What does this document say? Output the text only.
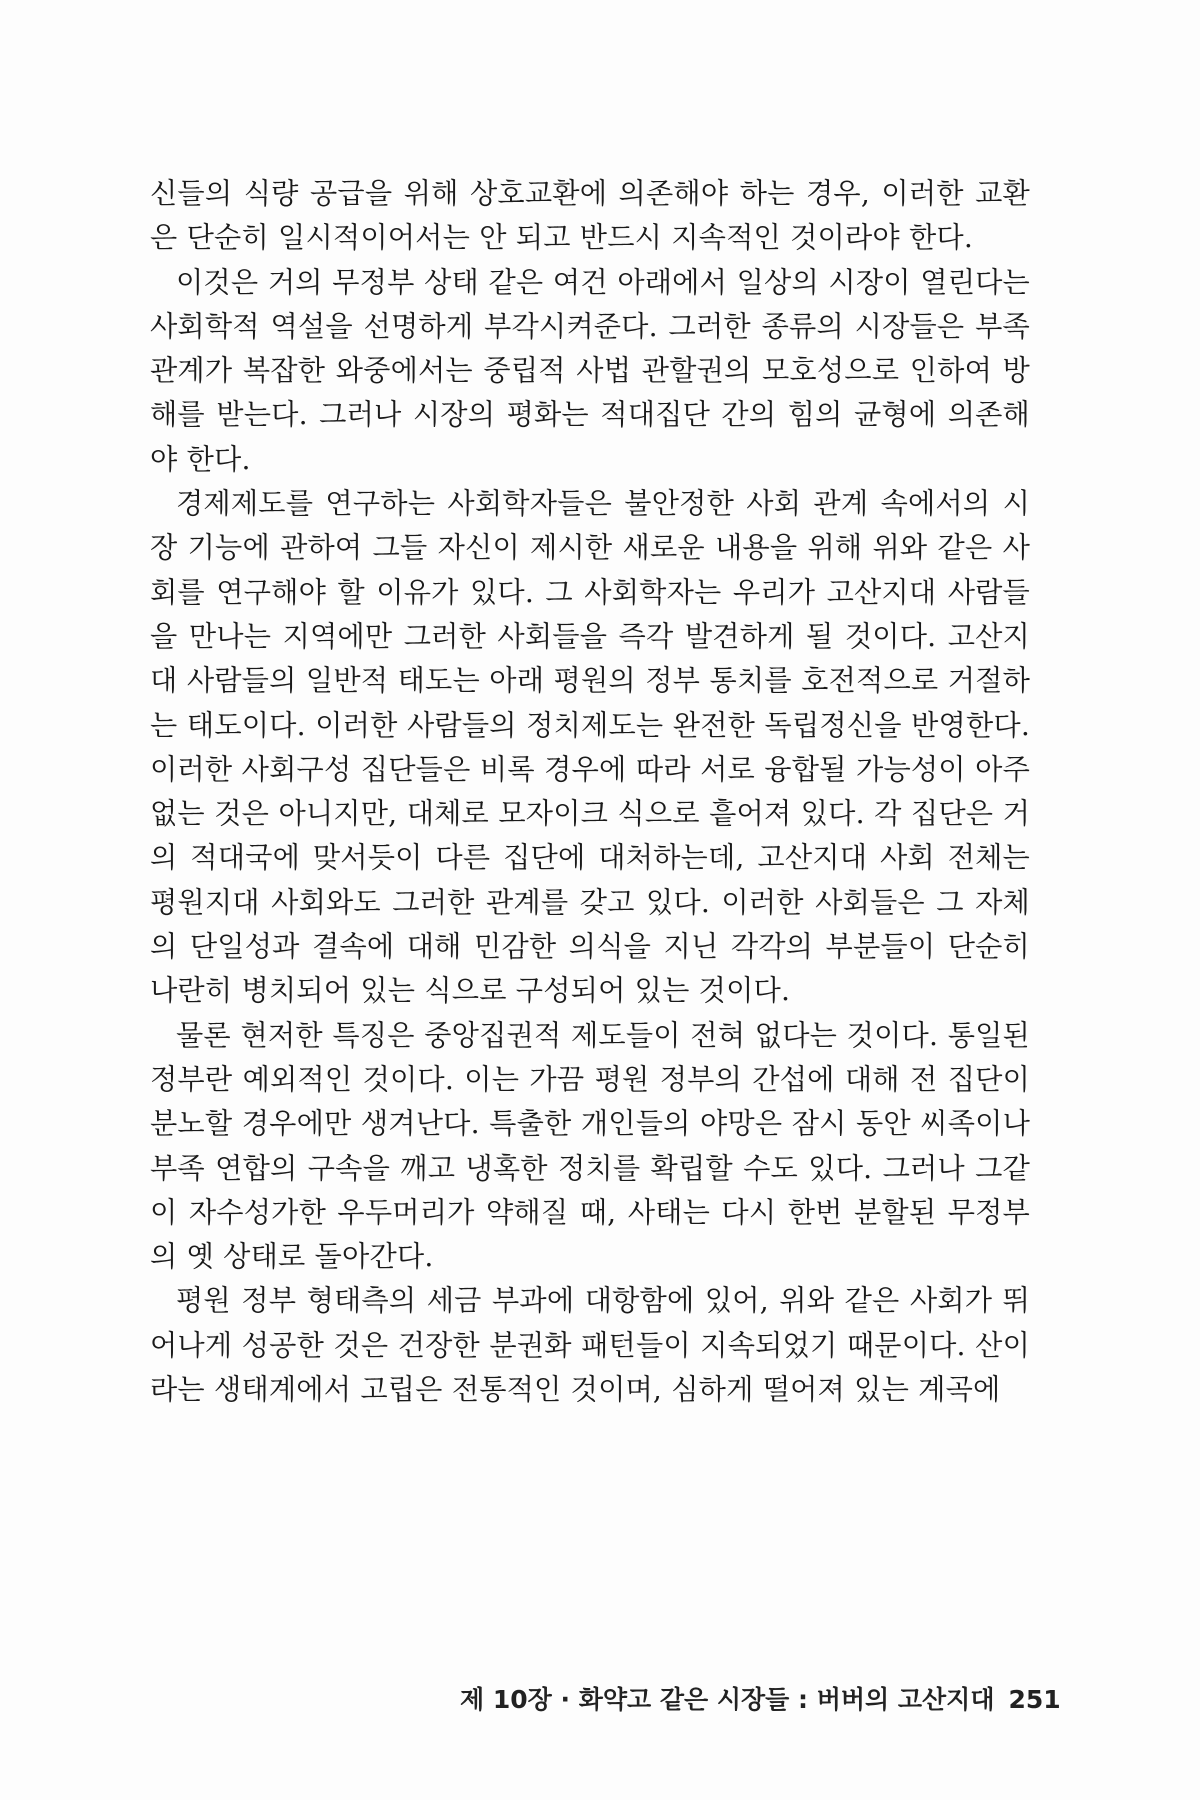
신들의 식량 공급을 위해 상호교환에 의존해야 하는 경우, 이러한 교환은 단순히 일시적이어서는 안 되고 반드시 지속적인 것이라야 한다.

이것은 거의 무정부 상태 같은 여건 아래에서 일상의 시장이 열린다는 사회학적 역설을 선명하게 부각시켜준다. 그러한 종류의 시장들은 부족 관계가 복잡한 와중에서는 중립적 사법 관할권의 모호성으로 인하여 방해를 받는다. 그러나 시장의 평화는 적대집단 간의 힘의 균형에 의존해야 한다.

경제제도를 연구하는 사회학자들은 불안정한 사회 관계 속에서의 시장 기능에 관하여 그들 자신이 제시한 새로운 내용을 위해 위와 같은 사회를 연구해야 할 이유가 있다. 그 사회학자는 우리가 고산지대 사람들을 만나는 지역에만 그러한 사회들을 즉각 발견하게 될 것이다. 고산지대 사람들의 일반적 태도는 아래 평원의 정부 통치를 호전적으로 거절하는 태도이다. 이러한 사람들의 정치제도는 완전한 독립정신을 반영한다. 이러한 사회구성 집단들은 비록 경우에 따라 서로 융합될 가능성이 아주 없는 것은 아니지만, 대체로 모자이크 식으로 흩어져 있다. 각 집단은 거의 적대국에 맞서듯이 다른 집단에 대처하는데, 고산지대 사회 전체는 평원지대 사회와도 그러한 관계를 갖고 있다. 이러한 사회들은 그 자체의 단일성과 결속에 대해 민감한 의식을 지닌 각각의 부분들이 단순히 나란히 병치되어 있는 식으로 구성되어 있는 것이다.

물론 현저한 특징은 중앙집권적 제도들이 전혀 없다는 것이다. 통일된 정부란 예외적인 것이다. 이는 가끔 평원 정부의 간섭에 대해 전 집단이 분노할 경우에만 생겨난다. 특출한 개인들의 야망은 잠시 동안 씨족이나 부족 연합의 구속을 깨고 냉혹한 정치를 확립할 수도 있다. 그러나 그같이 자수성가한 우두머리가 약해질 때, 사태는 다시 한번 분할된 무정부의 옛 상태로 돌아간다.

평원 정부 형태측의 세금 부과에 대항함에 있어, 위와 같은 사회가 뛰어나게 성공한 것은 건장한 분권화 패턴들이 지속되었기 때문이다. 산이라는 생태계에서 고립은 전통적인 것이며, 심하게 떨어져 있는 계곡에

제 10장 · 화약고 같은 시장들 : 버버의 고산지대 251
